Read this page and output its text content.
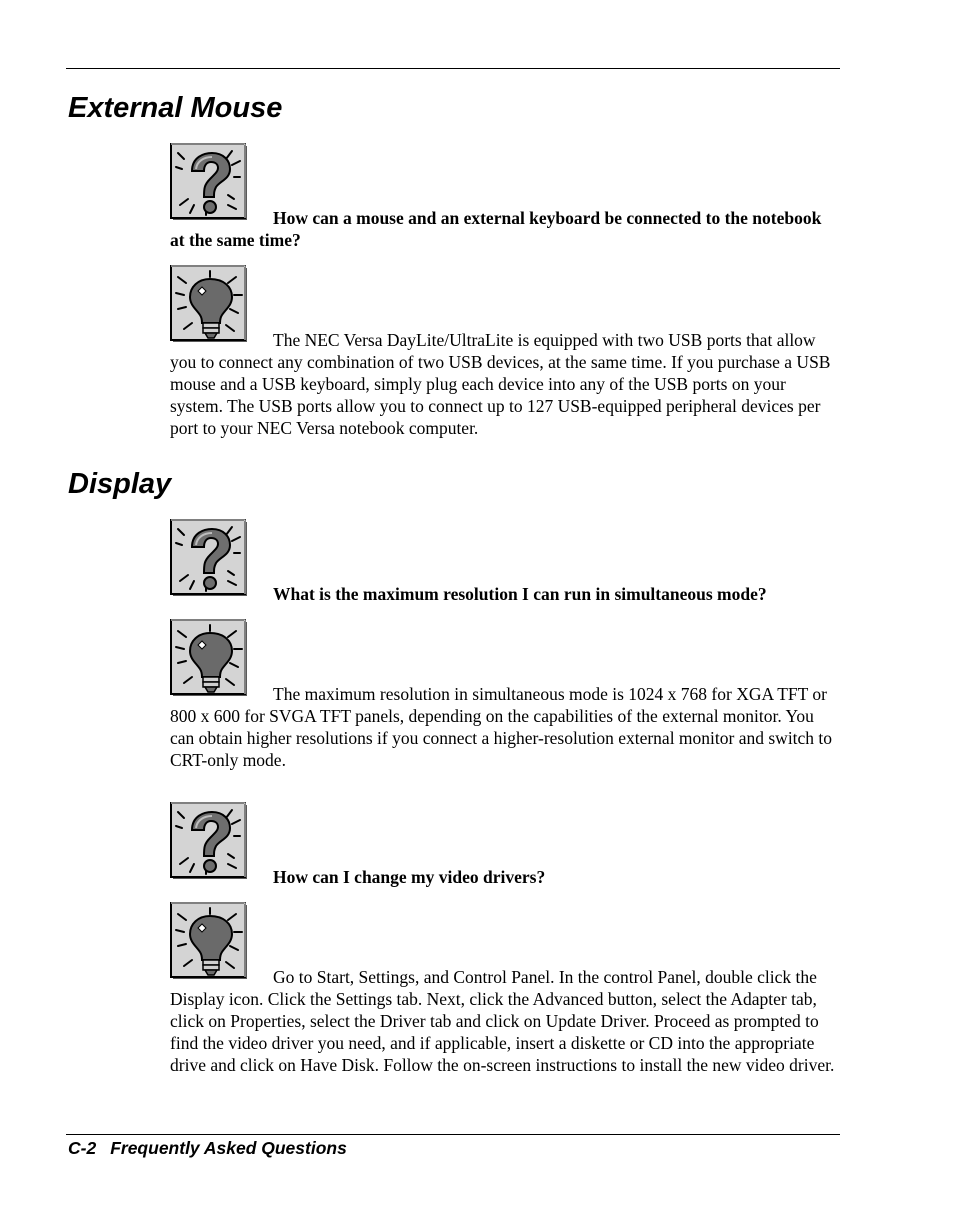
External Mouse
How can a mouse and an external keyboard be connected to the notebook at the same time?
The NEC Versa DayLite/UltraLite is equipped with two USB ports that allow you to connect any combination of two USB devices, at the same time. If you purchase a USB mouse and a USB keyboard, simply plug each device into any of the USB ports on your system. The USB ports allow you to connect up to 127 USB-equipped peripheral devices per port to your NEC Versa notebook computer.
Display
What is the maximum resolution I can run in simultaneous mode?
The maximum resolution in simultaneous mode is 1024 x 768 for XGA TFT or 800 x 600 for SVGA TFT panels, depending on the capabilities of the external monitor. You can obtain higher resolutions if you connect a higher-resolution external monitor and switch to CRT-only mode.
How can I change my video drivers?
Go to Start, Settings, and Control Panel. In the control Panel, double click the Display icon. Click the Settings tab. Next, click the Advanced button, select the Adapter tab, click on Properties, select the Driver tab and click on Update Driver. Proceed as prompted to find the video driver you need, and if applicable, insert a diskette or CD into the appropriate drive and click on Have Disk. Follow the on-screen instructions to install the new video driver.
C-2 Frequently Asked Questions
